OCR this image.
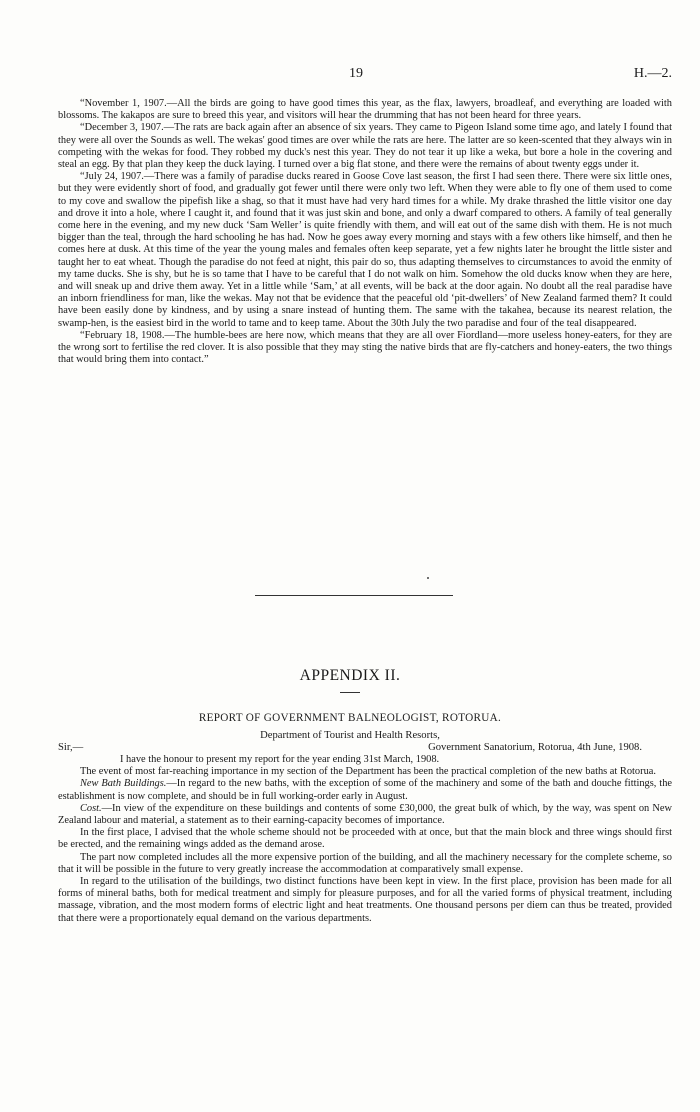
19	H.—2.

“November 1, 1907.—All the birds are going to have good times this year, as the flax, lawyers, broadleaf, and everything are loaded with blossoms. The kakapos are sure to breed this year, and visitors will hear the drumming that has not been heard for three years.

“December 3, 1907.—The rats are back again after an absence of six years. They came to Pigeon Island some time ago, and lately I found that they were all over the Sounds as well. The wekas' good times are over while the rats are here. The latter are so keen-scented that they always win in competing with the wekas for food. They robbed my duck's nest this year. They do not tear it up like a weka, but bore a hole in the covering and steal an egg. By that plan they keep the duck laying. I turned over a big flat stone, and there were the remains of about twenty eggs under it.

“July 24, 1907.—There was a family of paradise ducks reared in Goose Cove last season, the first I had seen there. There were six little ones, but they were evidently short of food, and gradually got fewer until there were only two left. When they were able to fly one of them used to come to my cove and swallow the pipefish like a shag, so that it must have had very hard times for a while. My drake thrashed the little visitor one day and drove it into a hole, where I caught it, and found that it was just skin and bone, and only a dwarf compared to others. A family of teal generally come here in the evening, and my new duck ‘Sam Weller’ is quite friendly with them, and will eat out of the same dish with them. He is not much bigger than the teal, through the hard schooling he has had. Now he goes away every morning and stays with a few others like himself, and then he comes here at dusk. At this time of the year the young males and females often keep separate, yet a few nights later he brought the little sister and taught her to eat wheat. Though the paradise do not feed at night, this pair do so, thus adapting themselves to circumstances to avoid the enmity of my tame ducks. She is shy, but he is so tame that I have to be careful that I do not walk on him. Somehow the old ducks know when they are here, and will sneak up and drive them away. Yet in a little while ‘Sam,’ at all events, will be back at the door again. No doubt all the real paradise have an inborn friendliness for man, like the wekas. May not that be evidence that the peaceful old ‘pit-dwellers’ of New Zealand farmed them? It could have been easily done by kindness, and by using a snare instead of hunting them. The same with the takahea, because its nearest relation, the swamp-hen, is the easiest bird in the world to tame and to keep tame. About the 30th July the two paradise and four of the teal disappeared.

“February 18, 1908.—The humble-bees are here now, which means that they are all over Fiordland—more useless honey-eaters, for they are the wrong sort to fertilise the red clover. It is also possible that they may sting the native birds that are fly-catchers and honey-eaters, the two things that would bring them into contact.”

APPENDIX II.
REPORT OF GOVERNMENT BALNEOLOGIST, ROTORUA.
Department of Tourist and Health Resorts,
Sir,—	Government Sanatorium, Rotorua, 4th June, 1908.

I have the honour to present my report for the year ending 31st March, 1908.

The event of most far-reaching importance in my section of the Department has been the practical completion of the new baths at Rotorua.

New Bath Buildings.—In regard to the new baths, with the exception of some of the machinery and some of the bath and douche fittings, the establishment is now complete, and should be in full working-order early in August.

Cost.—In view of the expenditure on these buildings and contents of some £30,000, the great bulk of which, by the way, was spent on New Zealand labour and material, a statement as to their earning-capacity becomes of importance.

In the first place, I advised that the whole scheme should not be proceeded with at once, but that the main block and three wings should first be erected, and the remaining wings added as the demand arose.

The part now completed includes all the more expensive portion of the building, and all the machinery necessary for the complete scheme, so that it will be possible in the future to very greatly increase the accommodation at comparatively small expense.

In regard to the utilisation of the buildings, two distinct functions have been kept in view. In the first place, provision has been made for all forms of mineral baths, both for medical treatment and simply for pleasure purposes, and for all the varied forms of physical treatment, including massage, vibration, and the most modern forms of electric light and heat treatments. One thousand persons per diem can thus be treated, provided that there were a proportionately equal demand on the various departments.
